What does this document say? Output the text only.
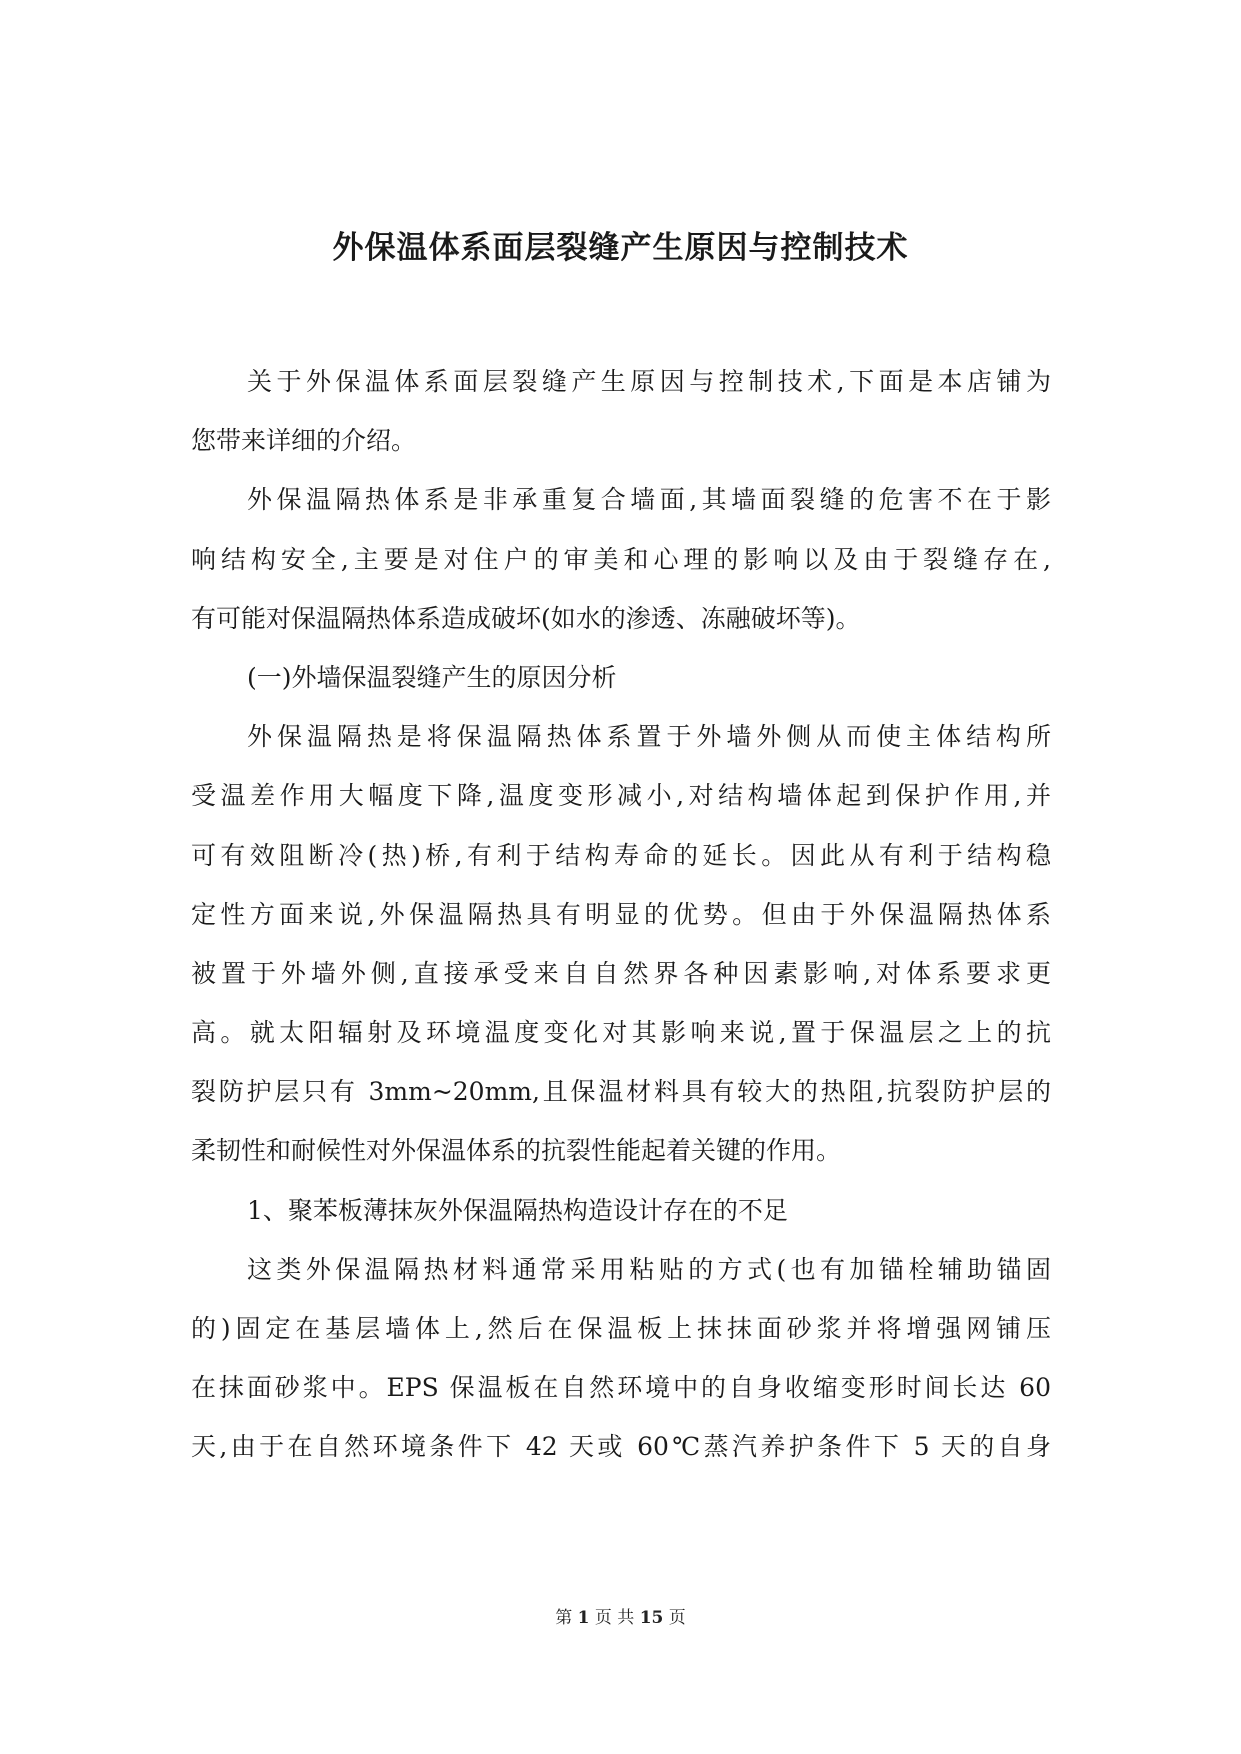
外保温体系面层裂缝产生原因与控制技术
关于外保温体系面层裂缝产生原因与控制技术,下面是本店铺为
您带来详细的介绍。
外保温隔热体系是非承重复合墙面,其墙面裂缝的危害不在于影
响结构安全,主要是对住户的审美和心理的影响以及由于裂缝存在,
有可能对保温隔热体系造成破坏(如水的渗透、冻融破坏等)。
(一)外墙保温裂缝产生的原因分析
外保温隔热是将保温隔热体系置于外墙外侧从而使主体结构所
受温差作用大幅度下降,温度变形减小,对结构墙体起到保护作用,并
可有效阻断冷(热)桥,有利于结构寿命的延长。因此从有利于结构稳
定性方面来说,外保温隔热具有明显的优势。但由于外保温隔热体系
被置于外墙外侧,直接承受来自自然界各种因素影响,对体系要求更
高。就太阳辐射及环境温度变化对其影响来说,置于保温层之上的抗
裂防护层只有 3mm~20mm,且保温材料具有较大的热阻,抗裂防护层的
柔韧性和耐候性对外保温体系的抗裂性能起着关键的作用。
1、聚苯板薄抹灰外保温隔热构造设计存在的不足
这类外保温隔热材料通常采用粘贴的方式(也有加锚栓辅助锚固
的)固定在基层墙体上,然后在保温板上抹抹面砂浆并将增强网铺压
在抹面砂浆中。EPS 保温板在自然环境中的自身收缩变形时间长达 60
天,由于在自然环境条件下 42 天或 60℃蒸汽养护条件下 5 天的自身
第 1 页 共 15 页
